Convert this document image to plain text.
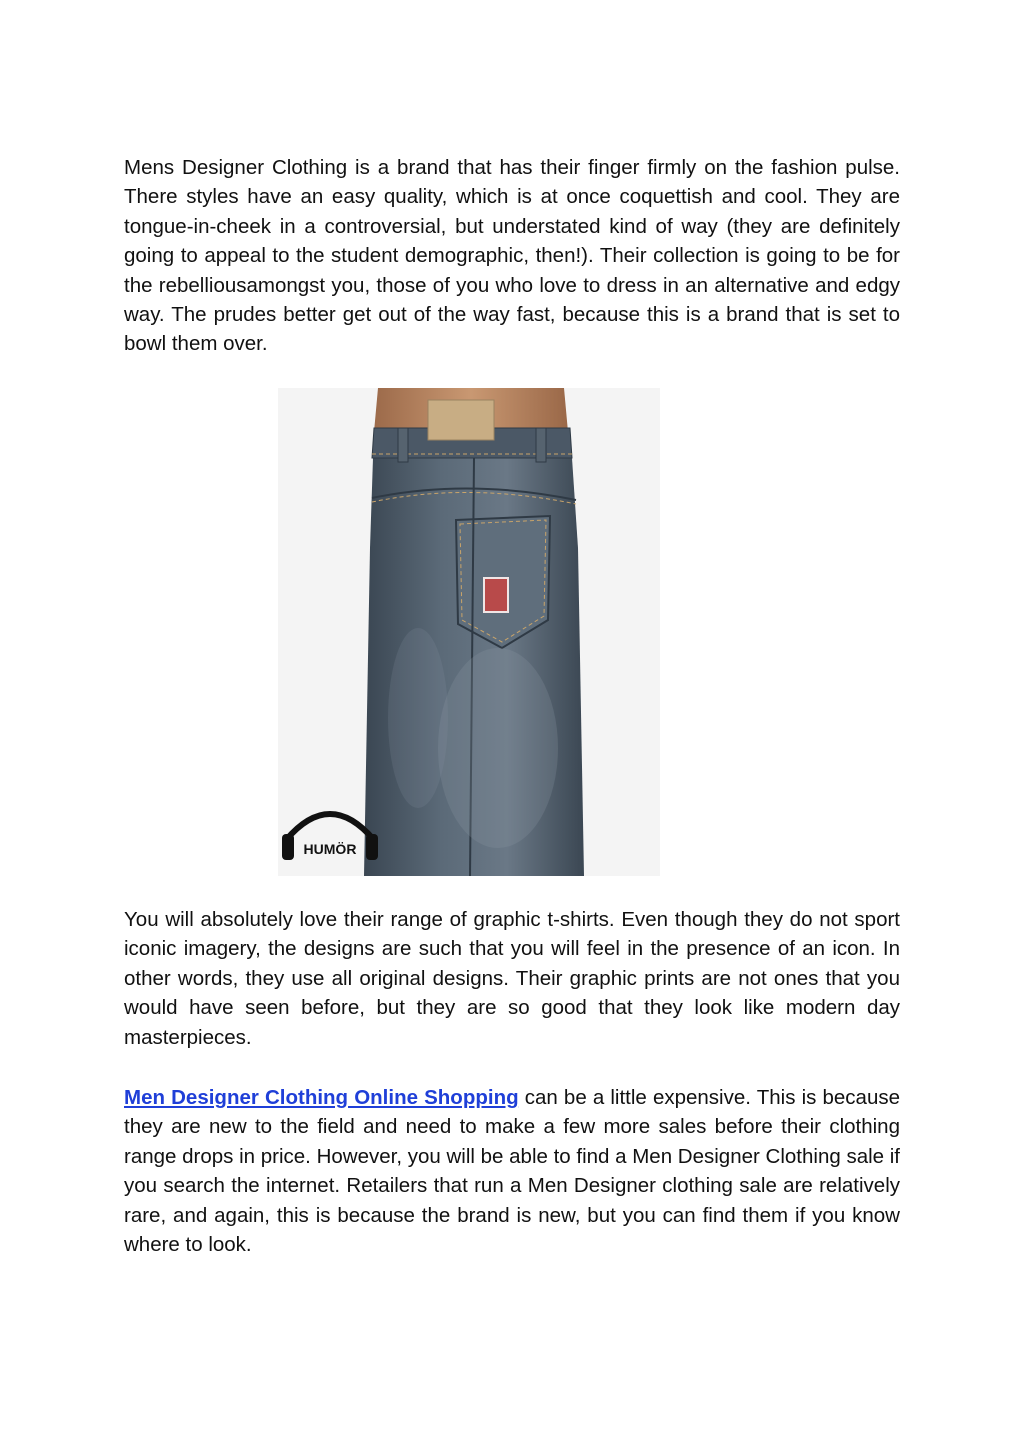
Mens Designer Clothing is a brand that has their finger firmly on the fashion pulse. There styles have an easy quality, which is at once coquettish and cool. They are tongue-in-cheek in a controversial, but understated kind of way (they are definitely going to appeal to the student demographic, then!). Their collection is going to be for the rebelliousamongst you, those of you who love to dress in an alternative and edgy way. The prudes better get out of the way fast, because this is a brand that is set to bowl them over.

HUMÖR

You will absolutely love their range of graphic t-shirts. Even though they do not sport iconic imagery, the designs are such that you will feel in the presence of an icon. In other words, they use all original designs. Their graphic prints are not ones that you would have seen before, but they are so good that they look like modern day masterpieces.

Men Designer Clothing Online Shopping can be a little expensive. This is because they are new to the field and need to make a few more sales before their clothing range drops in price. However, you will be able to find a Men Designer Clothing sale if you search the internet. Retailers that run a Men Designer clothing sale are relatively rare, and again, this is because the brand is new, but you can find them if you know where to look.
